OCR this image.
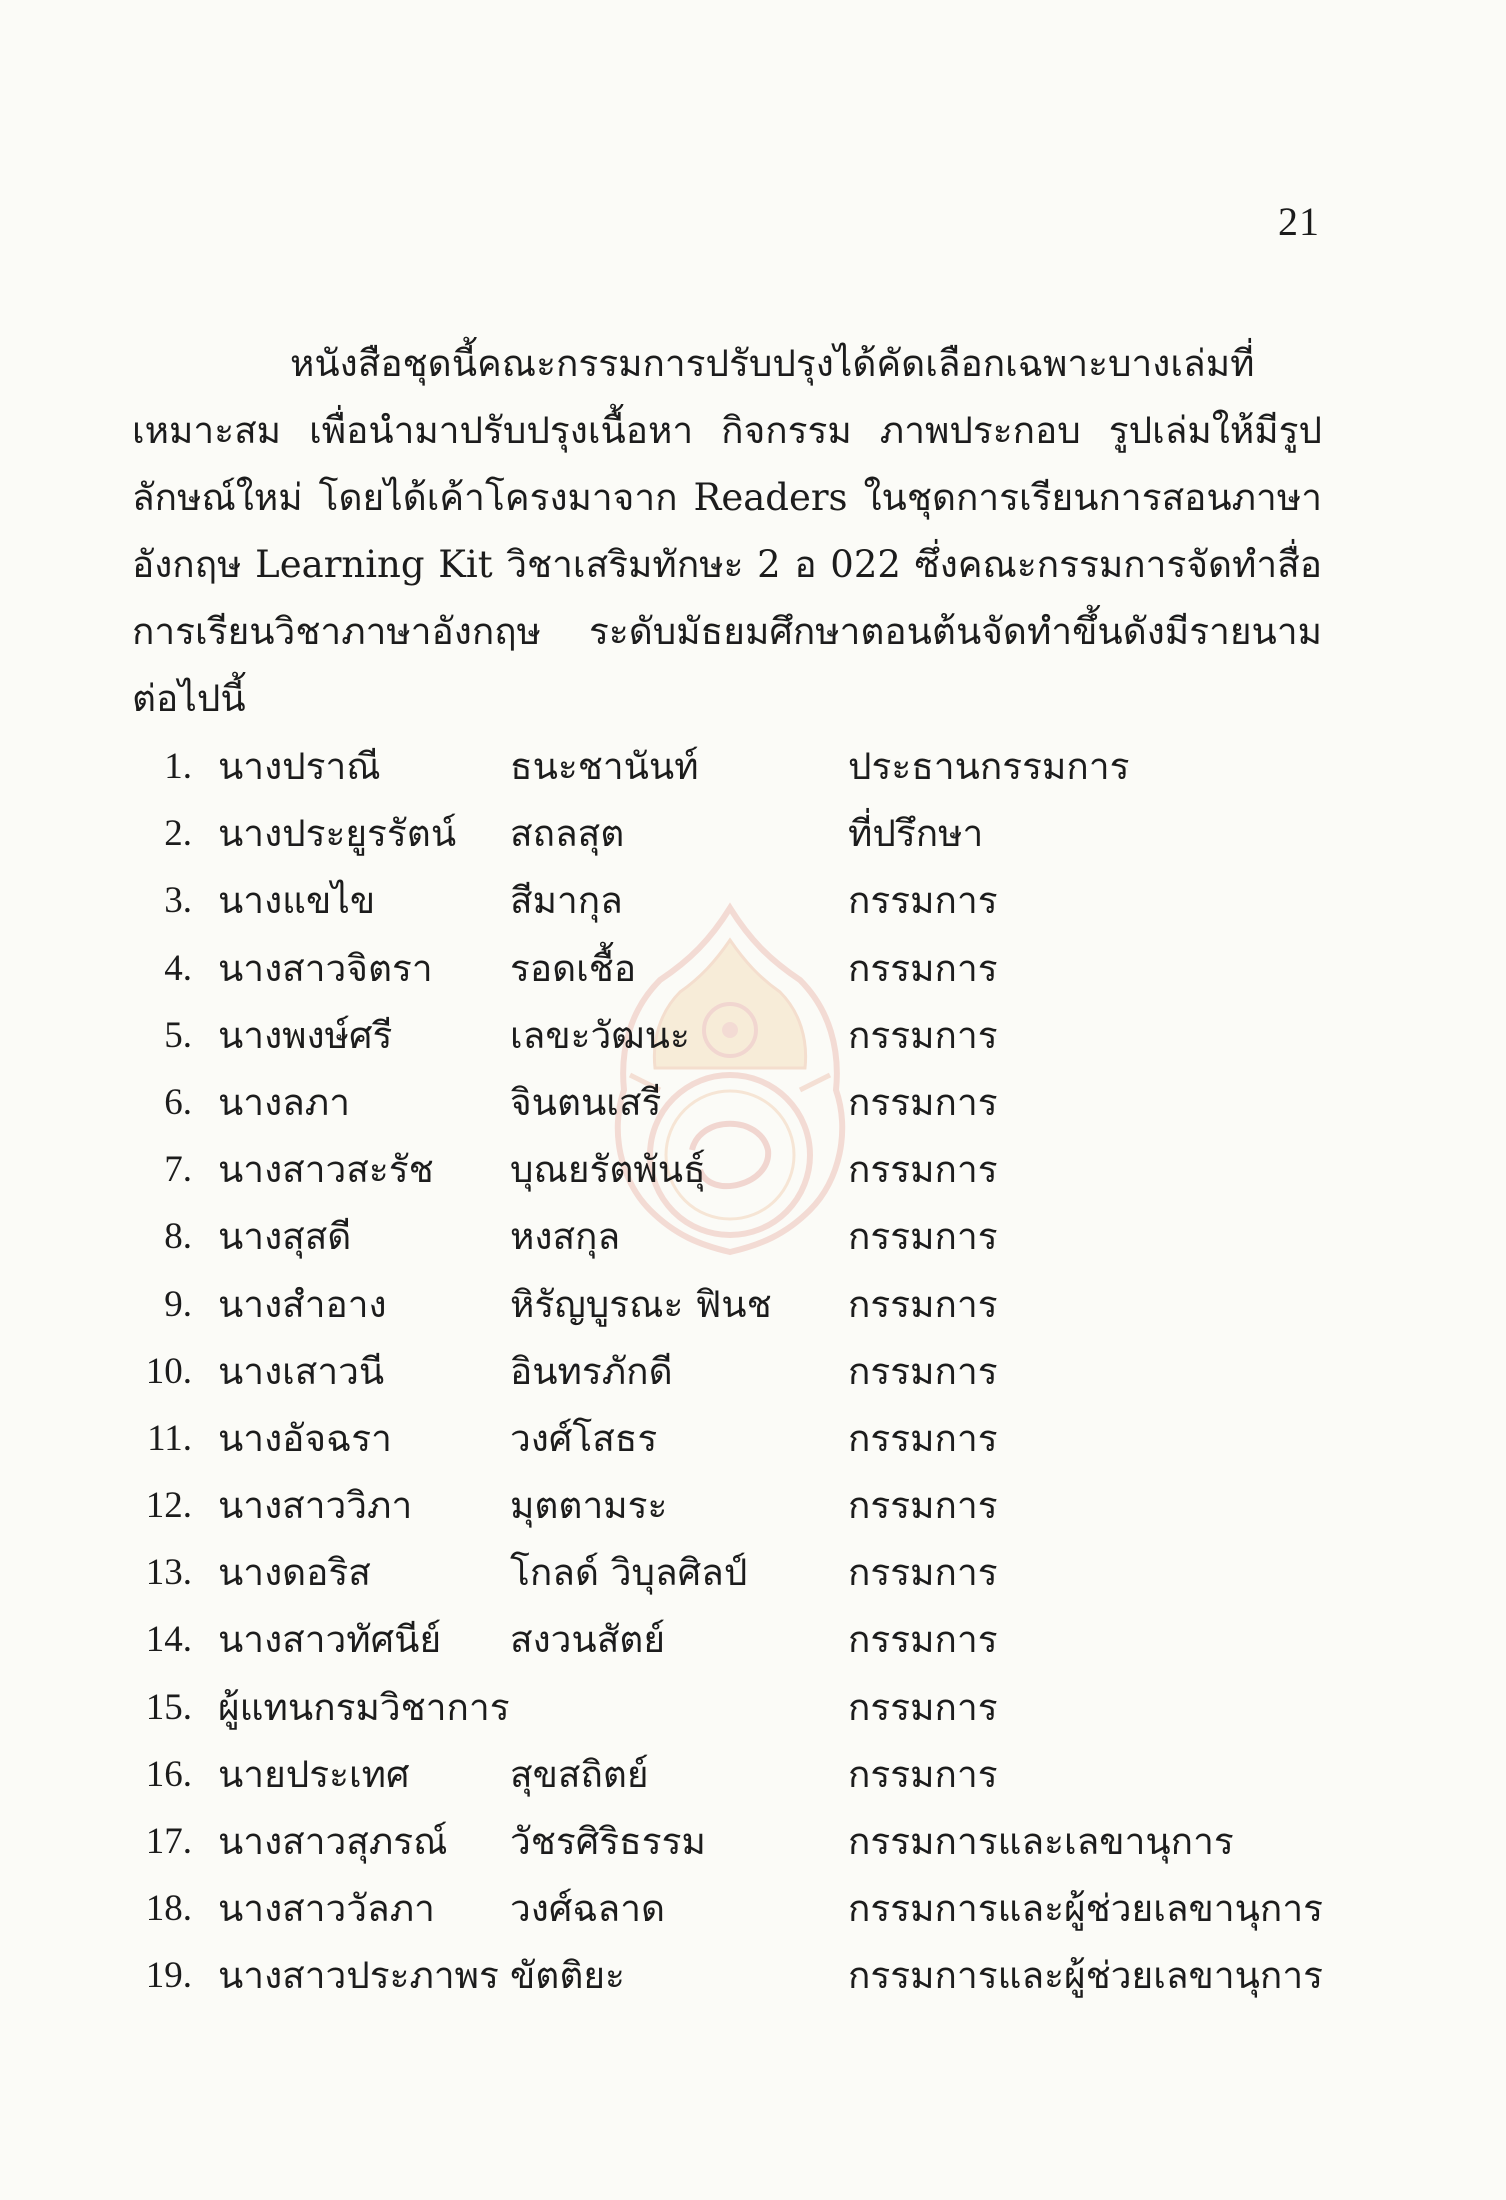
21

หนังสือชุดนี้คณะกรรมการปรับปรุงได้คัดเลือกเฉพาะบางเล่มที่เหมาะสม เพื่อนำมาปรับปรุงเนื้อหา กิจกรรม ภาพประกอบ รูปเล่มให้มีรูปลักษณ์ใหม่ โดยได้เค้าโครงมาจาก Readers ในชุดการเรียนการสอนภาษาอังกฤษ Learning Kit วิชาเสริมทักษะ 2 อ 022 ซึ่งคณะกรรมการจัดทำสื่อการเรียนวิชาภาษาอังกฤษ ระดับมัธยมศึกษาตอนต้นจัดทำขึ้นดังมีรายนามต่อไปนี้

1. นางปราณี	ธนะชานันท์	ประธานกรรมการ
2. นางประยูรรัตน์ สถลสุต	ที่ปรึกษา
3. นางแขไข	สีมากุล	กรรมการ
4. นางสาวจิตรา รอดเชื้อ	กรรมการ
5. นางพงษ์ศรี	เลขะวัฒนะ	กรรมการ
6. นางลภา	จินตนเสรี	กรรมการ
7. นางสาวสะรัช บุณยรัตพันธุ์	กรรมการ
8. นางสุสดี	หงสกุล	กรรมการ
9. นางสำอาง	หิรัญบูรณะ ฟินช กรรมการ
10. นางเสาวนี	อินทรภักดี	กรรมการ
11. นางอัจฉรา	วงศ์โสธร	กรรมการ
12. นางสาววิภา	มุตตามระ	กรรมการ
13. นางดอริส	โกลด์ วิบุลศิลป์	กรรมการ
14. นางสาวทัศนีย์ สงวนสัตย์	กรรมการ
15. ผู้แทนกรมวิชาการ	กรรมการ
16. นายประเทศ	สุขสถิตย์	กรรมการ
17. นางสาวสุภรณ์ วัชรศิริธรรม	กรรมการและเลขานุการ
18. นางสาววัลภา วงศ์ฉลาด	กรรมการและผู้ช่วยเลขานุการ
19. นางสาวประภาพร ขัตติยะ	กรรมการและผู้ช่วยเลขานุการ
